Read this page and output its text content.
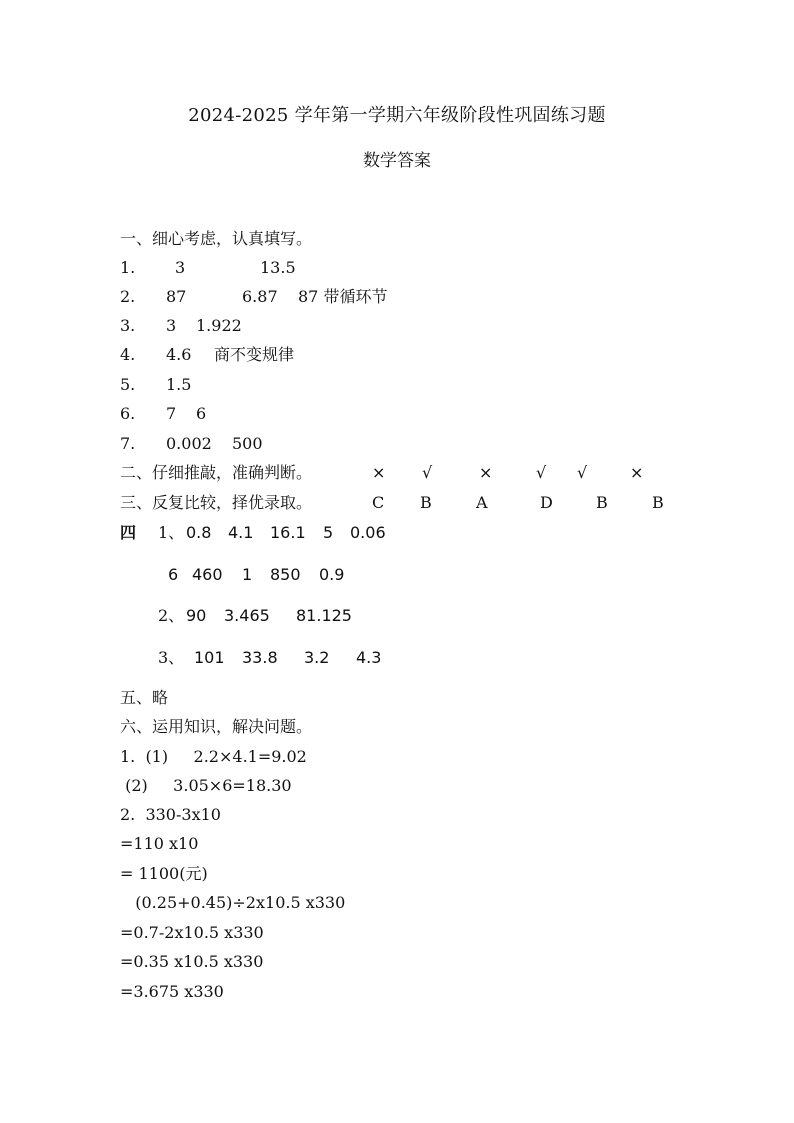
2024-2025 学年第一学期六年级阶段性巩固练习题
数学答案
一、细心考虑，认真填写。
1. 3	13.5
2. 87	6.87 87 带循环节
3. 3 1.922
4. 4.6 商不变规律
5. 1.5
6. 7 6
7. 0.002 500
二、仔细推敲，准确判断。	× √	×	√ √	×
三、反复比较，择优录取。	C B	A	D	B	B
四 1、 0.8 4.1 16.1 5 0.06
6 460 1 850 0.9
2、 90 3.465 81.125
3、 101 33.8 3.2 4.3
五、略
六、运用知识，解决问题。
1.  (1)     2.2×4.1=9.02
(2)     3.05×6=18.30
2.  330-3x10
=110 x10
= 1100(元)
(0.25+0.45)÷2x10.5 x330
=0.7-2x10.5 x330
=0.35 x10.5 x330
=3.675 x330
